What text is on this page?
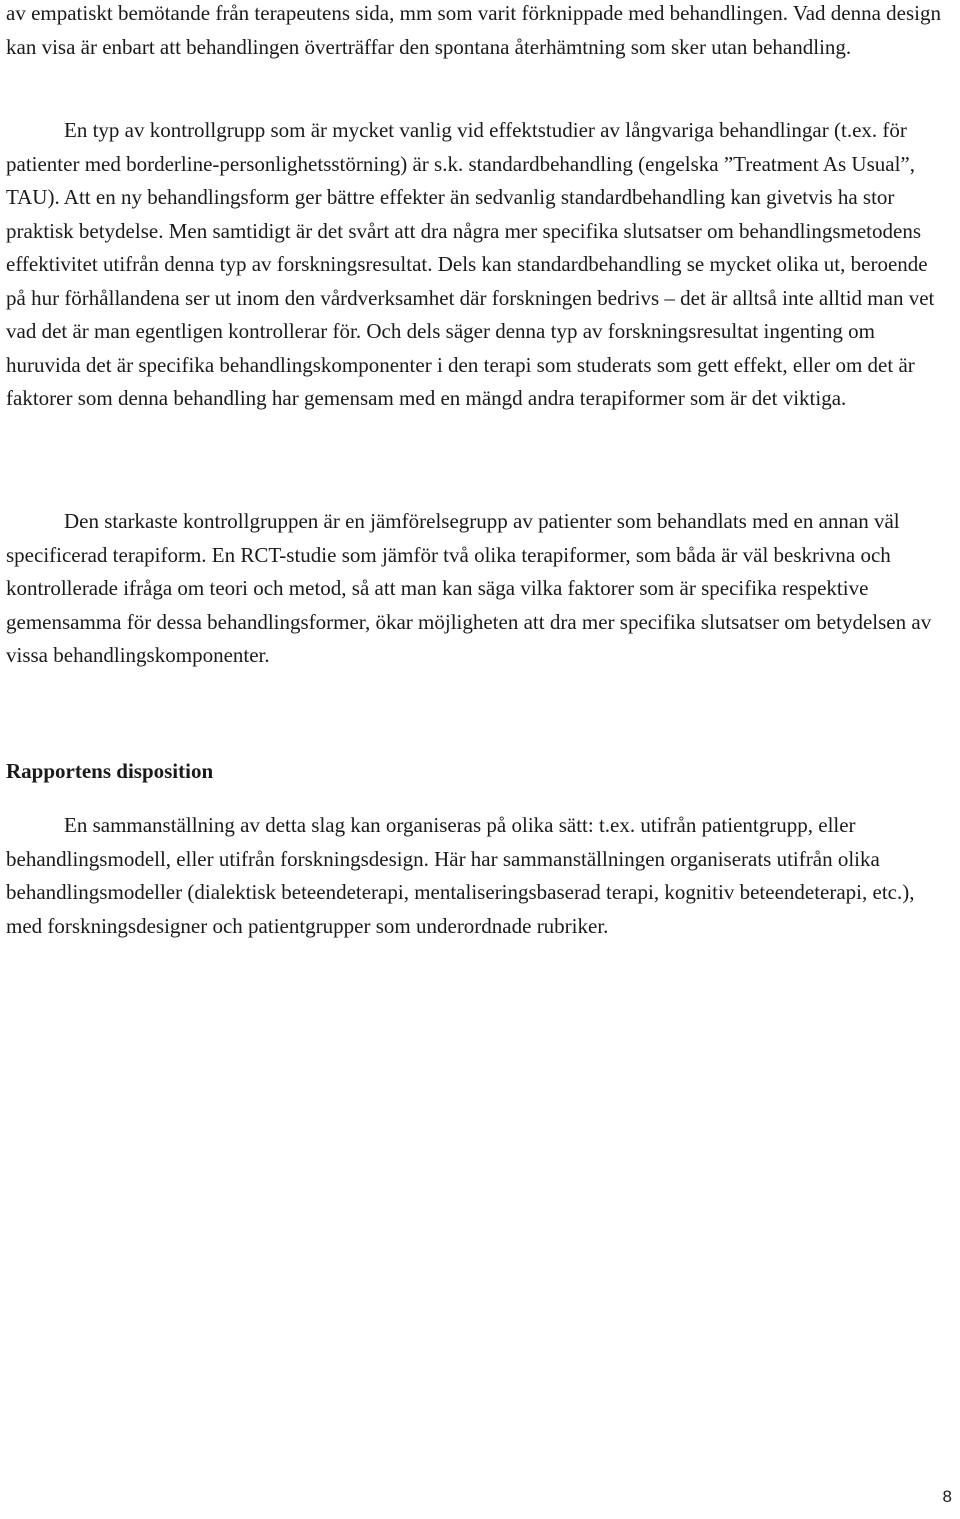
av empatiskt bemötande från terapeutens sida, mm som varit förknippade med behandlingen. Vad denna design kan visa är enbart att behandlingen överträffar den spontana återhämtning som sker utan behandling.

En typ av kontrollgrupp som är mycket vanlig vid effektstudier av långvariga behandlingar (t.ex. för patienter med borderline-personlighetsstörning) är s.k. standardbehandling (engelska ”Treatment As Usual”, TAU). Att en ny behandlingsform ger bättre effekter än sedvanlig standardbehandling kan givetvis ha stor praktisk betydelse. Men samtidigt är det svårt att dra några mer specifika slutsatser om behandlingsmetodens effektivitet utifrån denna typ av forskningsresultat. Dels kan standardbehandling se mycket olika ut, beroende på hur förhållandena ser ut inom den vårdverksamhet där forskningen bedrivs – det är alltså inte alltid man vet vad det är man egentligen kontrollerar för. Och dels säger denna typ av forskningsresultat ingenting om huruvida det är specifika behandlingskomponenter i den terapi som studerats som gett effekt, eller om det är faktorer som denna behandling har gemensam med en mängd andra terapiformer som är det viktiga.

Den starkaste kontrollgruppen är en jämförelsegrupp av patienter som behandlats med en annan väl specificerad terapiform. En RCT-studie som jämför två olika terapiformer, som båda är väl beskrivna och kontrollerade ifråga om teori och metod, så att man kan säga vilka faktorer som är specifika respektive gemensamma för dessa behandlingsformer, ökar möjligheten att dra mer specifika slutsatser om betydelsen av vissa behandlingskomponenter.

Rapportens disposition

En sammanställning av detta slag kan organiseras på olika sätt: t.ex. utifrån patientgrupp, eller behandlingsmodell, eller utifrån forskningsdesign. Här har sammanställningen organiserats utifrån olika behandlingsmodeller (dialektisk beteendeterapi, mentaliseringsbaserad terapi, kognitiv beteendeterapi, etc.), med forskningsdesigner och patientgrupper som underordnade rubriker.

8
